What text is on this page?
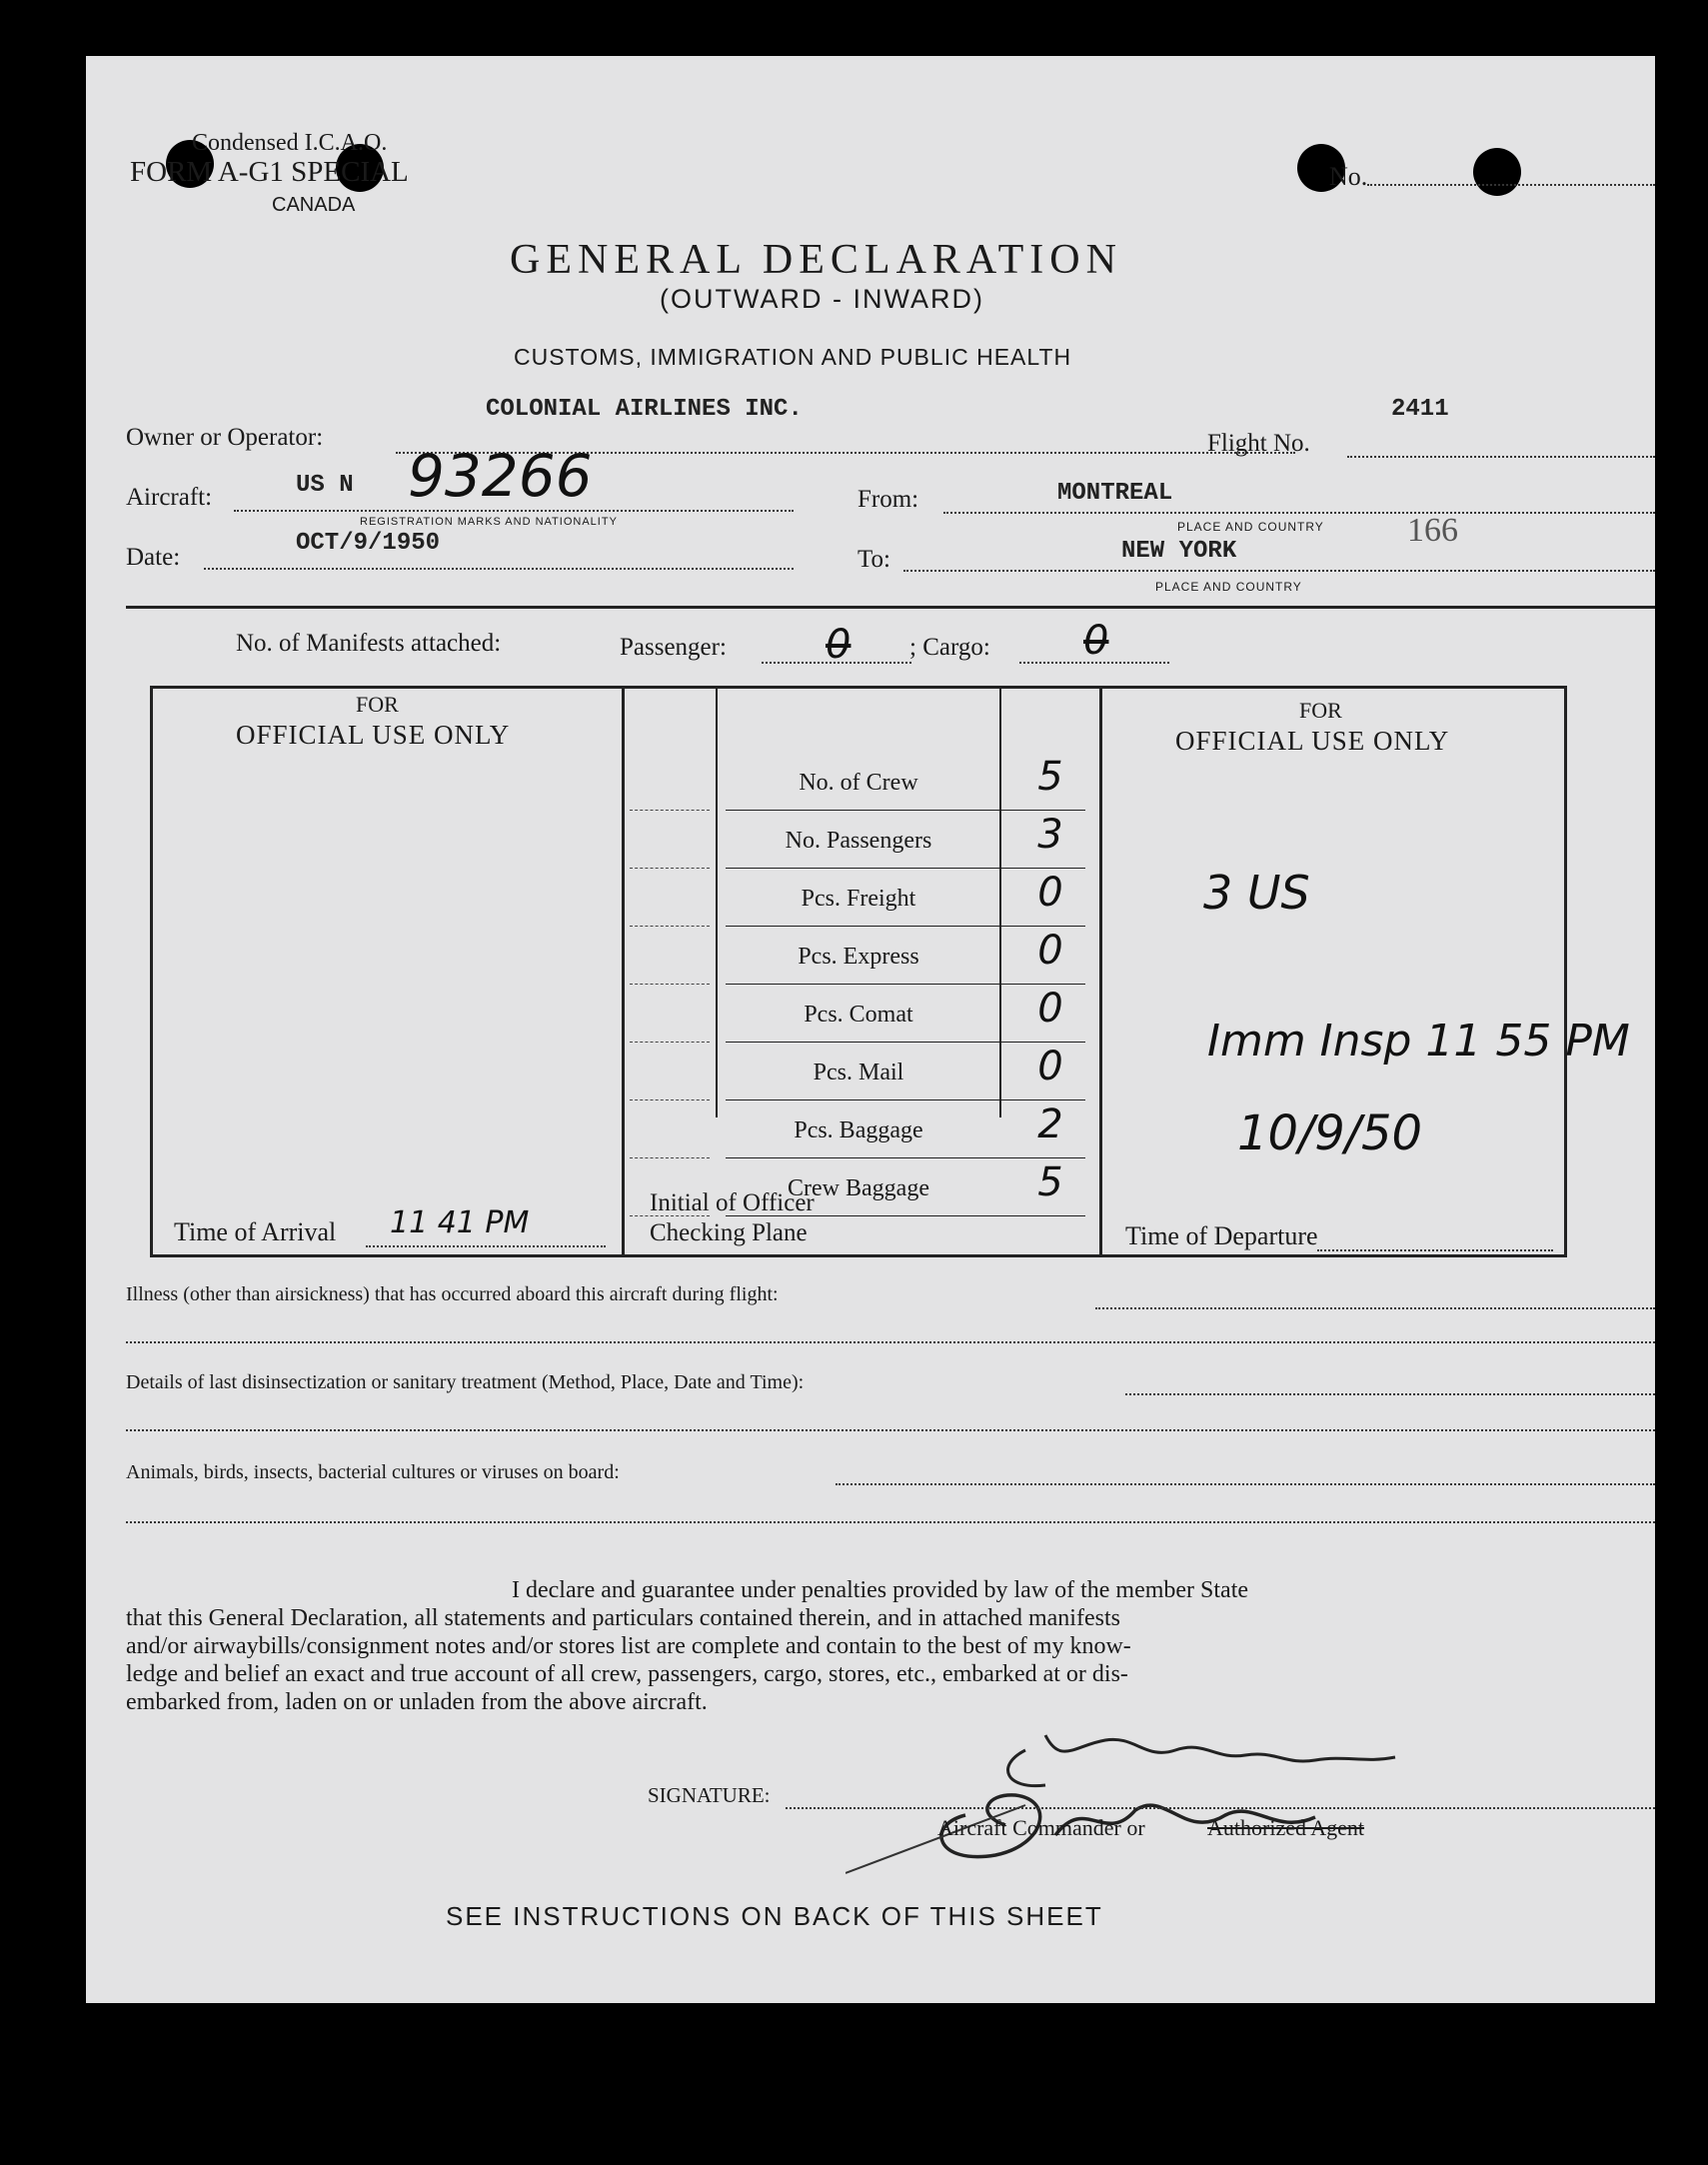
Condensed I.C.A.O.
FORM A-G1 SPECIAL
CANADA
No.
GENERAL DECLARATION
(OUTWARD - INWARD)
CUSTOMS, IMMIGRATION AND PUBLIC HEALTH
COLONIAL AIRLINES INC.
Owner or Operator:
2411
Flight No.
Aircraft:	US N 93266
REGISTRATION MARKS AND NATIONALITY
From:	MONTREAL
PLACE AND COUNTRY 166
Date:
OCT/9/1950
To:	NEW YORK
PLACE AND COUNTRY
No. of Manifests attached:	Passenger: 0 ; Cargo: 0
FOR
OFFICIAL USE ONLY
FOR
OFFICIAL USE ONLY
No. of Crew	5
No. Passengers	3
Pcs. Freight	0
Pcs. Express	0
Pcs. Comat	0
Pcs. Mail	0
Pcs. Baggage	2
Crew Baggage	5
Time of Arrival 11 41 PM
Initial of Officer
Checking Plane
3 US
Imm Insp 11 55 PM
10/9/50
Time of Departure
Illness (other than airsickness) that has occurred aboard this aircraft during flight:
Details of last disinsectization or sanitary treatment (Method, Place, Date and Time):
Animals, birds, insects, bacterial cultures or viruses on board:
I declare and guarantee under penalties provided by law of the member State
that this General Declaration, all statements and particulars contained therein, and in attached manifests
and/or airwaybills/consignment notes and/or stores list are complete and contain to the best of my know-
ledge and belief an exact and true account of all crew, passengers, cargo, stores, etc., embarked at or dis-
embarked from, laden on or unladen from the above aircraft.
SIGNATURE:
Aircraft Commander or	Authorized Agent
SEE INSTRUCTIONS ON BACK OF THIS SHEET
